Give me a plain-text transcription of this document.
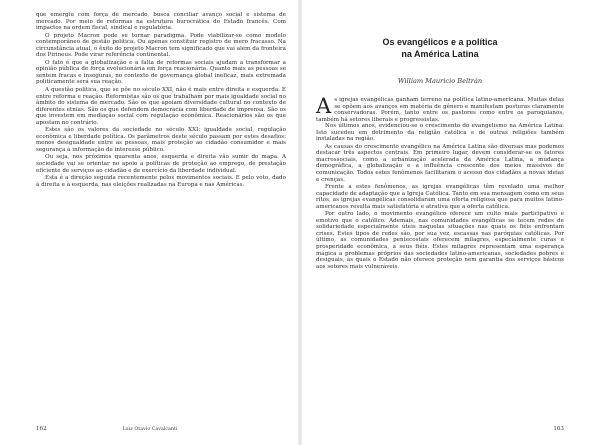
que emergiu com força de mercado, busca conciliar avanço social e sistema de mercado. Por meio de reformas na estrutura burocrática do Estado francês. Com impactos na ordem fiscal, sindical e regulatória.

O projeto Macron pode se tornar paradigma. Pode viabilizar-se como modelo contemporâneo de gestão política. Ou apenas constituir registro de mero fracasso. Na circunstância atual, o êxito do projeto Macron tem significado que vai além da fronteira dos Pirineus. Pode virar referência continental.

O fato é que a globalização e a falta de reformas sociais ajudam a transformar a opinião pública de força evolucionária em força reacionária. Quanto mais as pessoas se sentem fracas e inseguras, no contexto de governança global ineficaz, mais extremada politicamente será sua reação.

A questão política, que se põe no século XXI, não é mais entre direita e esquerda. É entre reforma e reação. Reformistas são os que trabalham por mais igualdade social no âmbito do sistema de mercado. São os que apoiam diversidade cultural no contexto de diferentes etnias. São os que defendem democracia com liberdade de imprensa. São os que investem em mediação social com regulação econômica. Reacionários são os que apostam no contrário.

Estes são os valores da sociedade no século XXI: igualdade social, regulação econômica e liberdade política. Os parâmetros deste século passam por estes desafios: menos desigualdade entre as pessoas, mais proteção ao cidadão consumidor e mais segurança à informação de interesse público.

Ou seja, nos próximos quarenta anos, esquerda e direita vão sumir do mapa. A sociedade vai se orientar no apoio a políticas de proteção ao emprego, de prestação eficiente de serviços ao cidadão e de exercício da liberdade individual.

Esta é a direção seguida recentemente pelos movimentos sociais. E pelo voto, dado à direita e à esquerda, nas eleições realizadas na Europa e nas Américas.

162	Luiz Otavio Cavalcanti
Os evangélicos e a política
na América Latina
William Mauricio Beltrán

As igrejas evangélicas ganham terreno na política latino-americana. Muitas delas se opõem aos avanços em matéria de gênero e manifestam posturas claramente conservadoras. Porém, tanto entre os pastores como entre os paroquianos, também há setores liberais e progressistas.

Nos últimos anos, evidenciou-se o crescimento do evangelismo na América Latina. Isto sucedeu em detrimento da religião católica e de outras religiões também instaladas na região.

As causas do crescimento evangélico na América Latina são diversas mas podemos destacar três aspectos centrais. Em primeiro lugar, devem considerar-se os fatores macrossociais, como a urbanização acelerada da América Latina, a mudança demográfica, a globalização e a influência crescente dos meios massivos de comunicação. Todos estes fenômenos facilitaram o acesso dos cidadãos a novas ideias e crenças.

Frente a estes fenômenos, as igrejas evangélicas têm revelado uma melhor capacidade de adaptação que a Igreja Católica. Tanto em sua mensagem como em seus ritos, as igrejas evangélicas consolidaram uma oferta religiosa que para muitos latino-americanos resulta mais satisfatória e atrativa que a oferta católica.

Por outro lado, o movimento evangélico oferece um culto mais participativo e emotivo que o católico. Ademais, nas comunidades evangélicas se tecem redes de solidariedade especialmente úteis naquelas situações nas quais os fiéis enfrentam crises. Estes tipos de redes são, por sua vez, escassas nas paróquias católicas. Por último, as comunidades pentecostais oferecem milagres, especialmente curas e prosperidade econômica, a seus fiéis. Estes milagres representam uma esperança mágica a problemas próprios das sociedades latino-americanas, sociedades pobres e desiguais, às quais o Estado não oferece proteção nem garantia dos serviços básicos aos setores mais vulneráveis.

163
